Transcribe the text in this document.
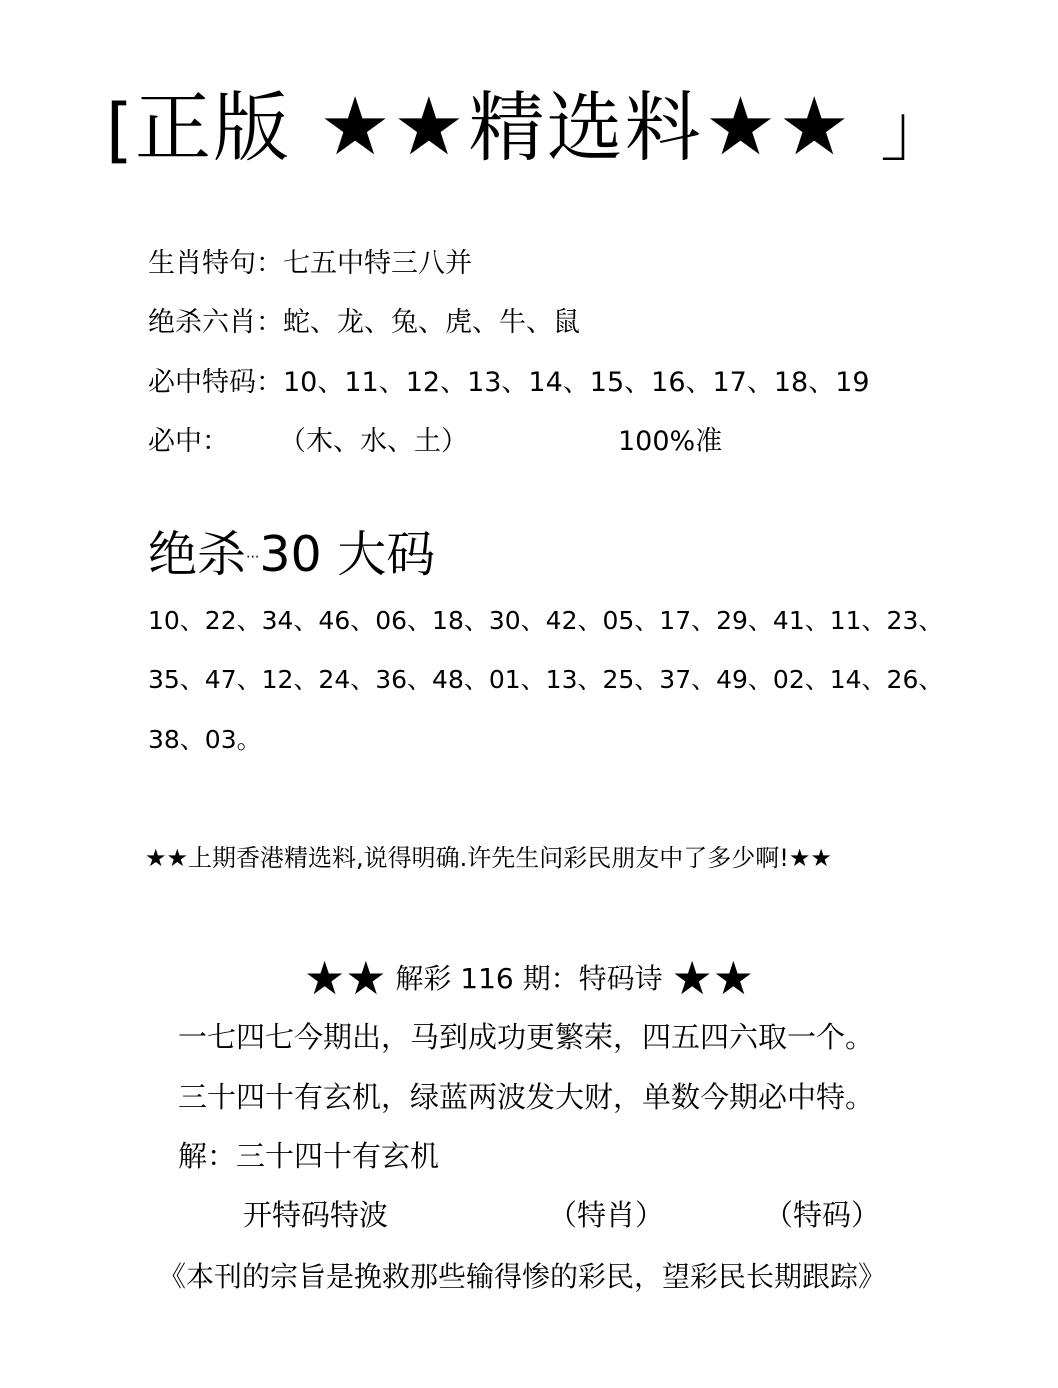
[正版 ★★精选料★★ 」
生肖特句：七五中特三八并
绝杀六肖：蛇、龙、兔、虎、牛、鼠
必中特码：10、11、12、13、14、15、16、17、18、19
必中： （木、水、土）	100%准
绝杀···30 大码
10、22、34、46、06、18、30、42、05、17、29、41、11、23、
35、47、12、24、36、48、01、13、25、37、49、02、14、26、
38、03。
★★上期香港精选料,说得明确.许先生问彩民朋友中了多少啊!★★
★★ 解彩 116 期：特码诗 ★★
一七四七今期出，马到成功更繁荣，四五四六取一个。
三十四十有玄机，绿蓝两波发大财，单数今期必中特。
解：三十四十有玄机
开特码特波	（特肖）	（特码）
《本刊的宗旨是挽救那些输得惨的彩民，望彩民长期跟踪》
